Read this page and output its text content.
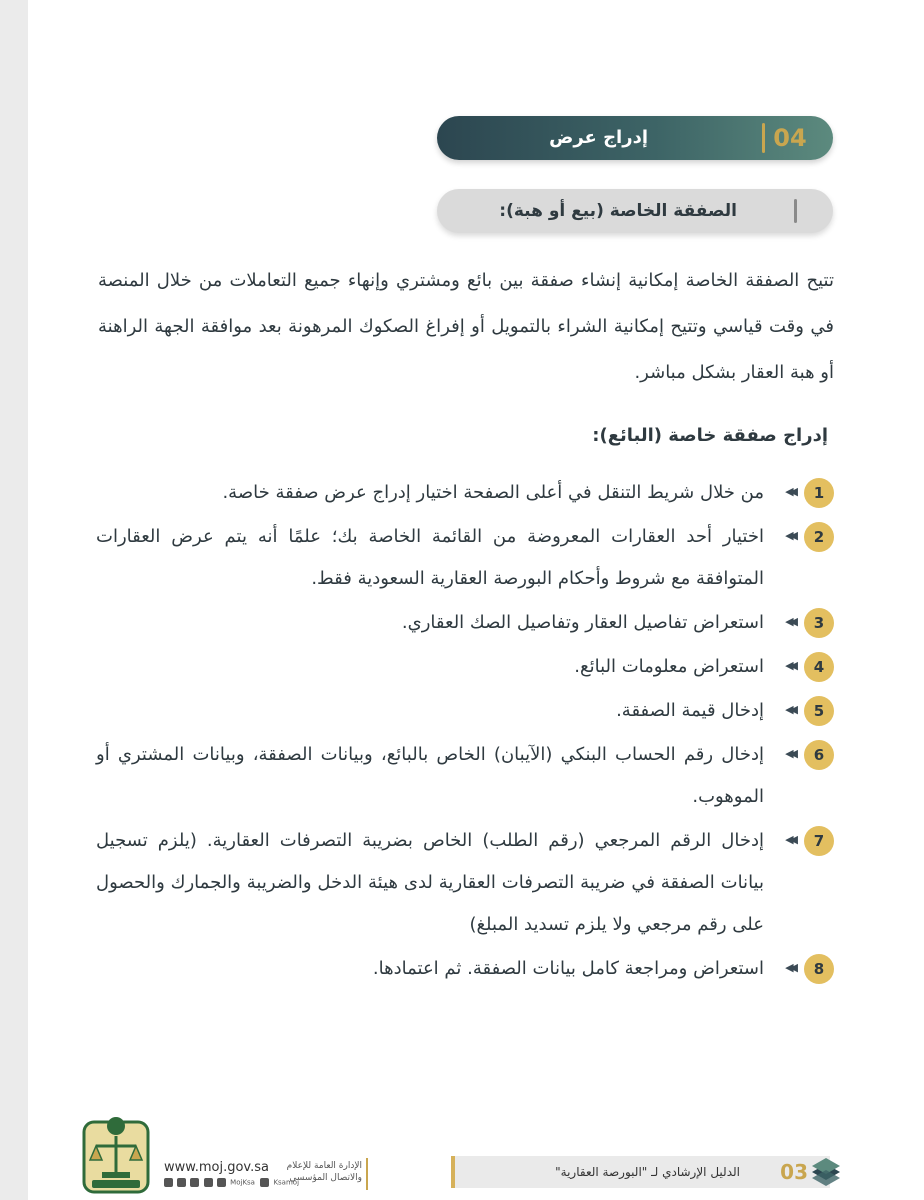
04
إدراج عرض
الصفقة الخاصة (بيع أو هبة):

تتيح الصفقة الخاصة إمكانية إنشاء صفقة بين بائع ومشتري وإنهاء جميع التعاملات من خلال المنصة في وقت قياسي وتتيح إمكانية الشراء بالتمويل أو إفراغ الصكوك المرهونة بعد موافقة الجهة الراهنة أو هبة العقار بشكل مباشر.

إدراج صفقة خاصة (البائع):
1
◀◀
من خلال شريط التنقل في أعلى الصفحة اختيار إدراج عرض صفقة خاصة.
2
◀◀
اختيار أحد العقارات المعروضة من القائمة الخاصة بك؛ علمًا أنه يتم عرض العقارات المتوافقة مع شروط وأحكام البورصة العقارية السعودية فقط.
3
◀◀
استعراض تفاصيل العقار وتفاصيل الصك العقاري.
4
◀◀
استعراض معلومات البائع.
5
◀◀
إدخال قيمة الصفقة.
6
◀◀
إدخال رقم الحساب البنكي (الآيبان) الخاص بالبائع، وبيانات الصفقة، وبيانات المشتري أو الموهوب.
7
◀◀
إدخال الرقم المرجعي (رقم الطلب) الخاص بضريبة التصرفات العقارية. (يلزم تسجيل بيانات الصفقة في ضريبة التصرفات العقارية لدى هيئة الدخل والضريبة والجمارك والحصول على رقم مرجعي ولا يلزم تسديد المبلغ)
8
◀◀
استعراض ومراجعة كامل بيانات الصفقة. ثم اعتمادها.
www.moj.gov.sa
MojKsa	Ksamoj
الإدارة العامة للإعلام والاتصال المؤسسي	الدليل الإرشادي لـ "البورصة العقارية" 03
